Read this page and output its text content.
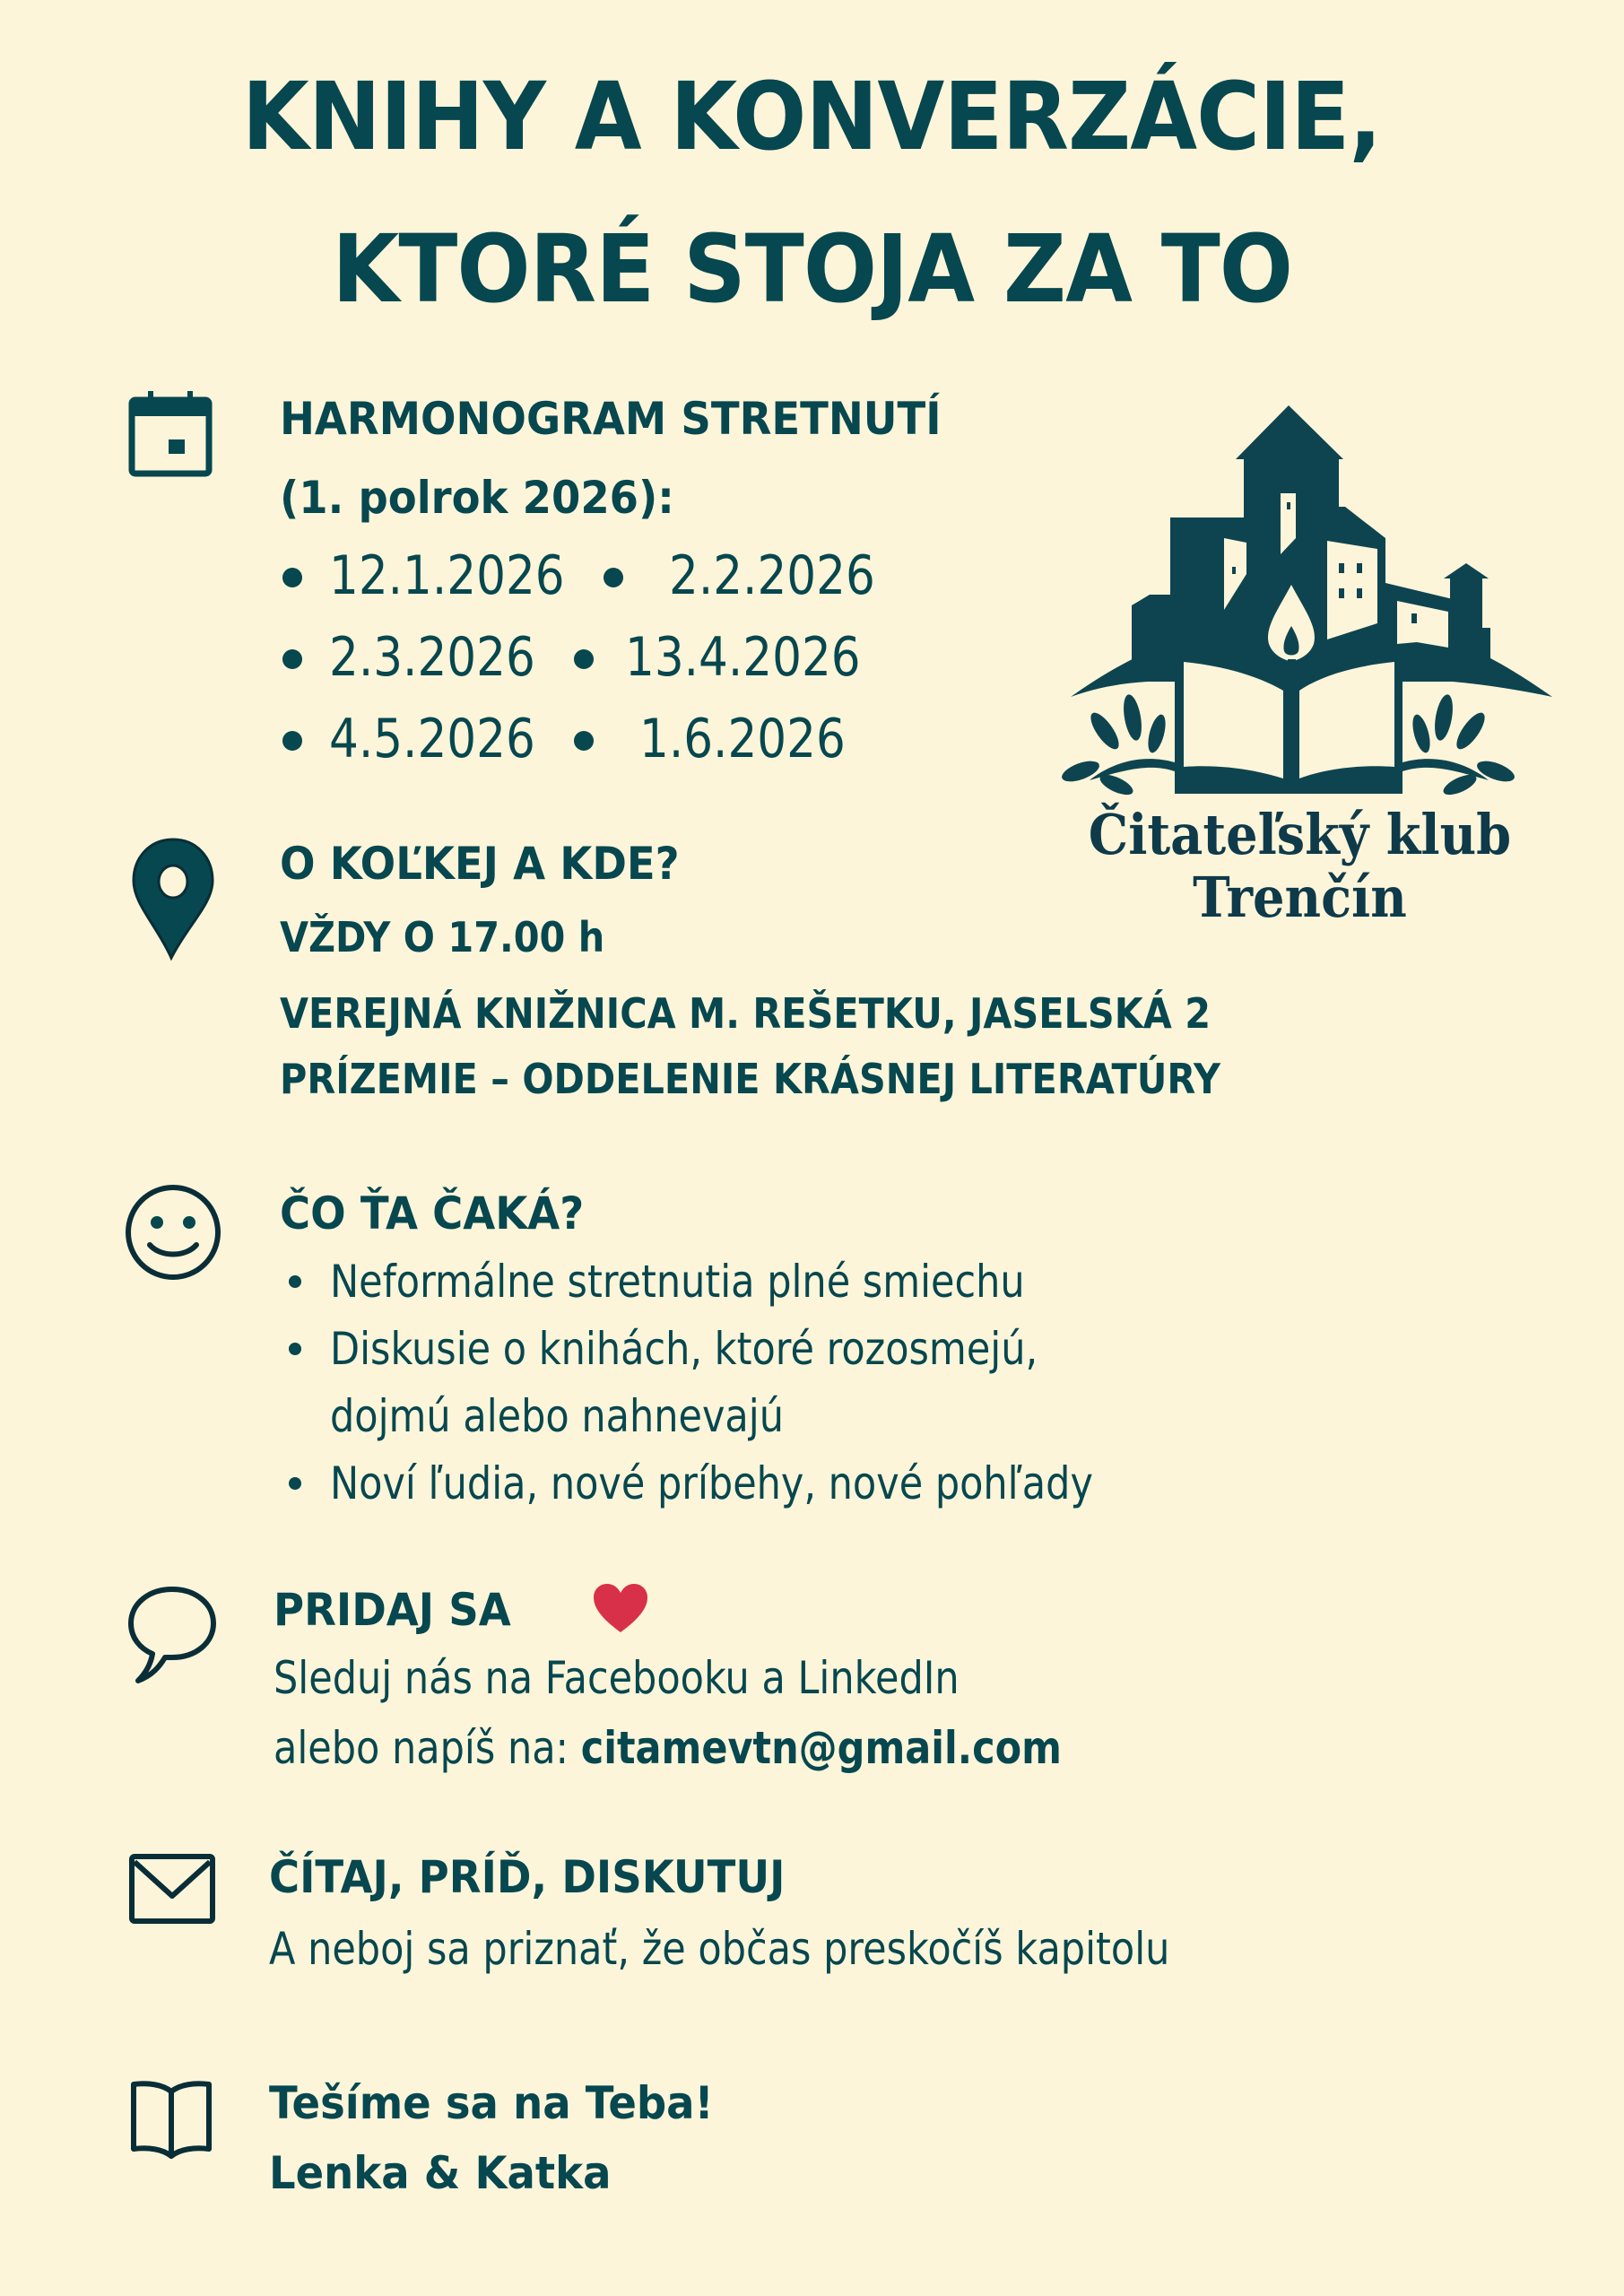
KNIHY A KONVERZÁCIE,
KTORÉ STOJA ZA TO
HARMONOGRAM STRETNUTÍ
(1. polrok 2026):
12.1.2026 2.2.2026
2.3.2026 13.4.2026
4.5.2026 1.6.2026
Čitateľský klub
Trenčín
O KOĽKEJ A KDE?
VŽDY O 17.00 h
VEREJNÁ KNIŽNICA M. REŠETKU, JASELSKÁ 2
PRÍZEMIE – ODDELENIE KRÁSNEJ LITERATÚRY
ČO ŤA ČAKÁ?
Neformálne stretnutia plné smiechu
Diskusie o knihách, ktoré rozosmejú,
dojmú alebo nahnevajú
Noví ľudia, nové príbehy, nové pohľady
PRIDAJ SA
Sleduj nás na Facebooku a LinkedIn
alebo napíš na: citamevtn@gmail.com
ČÍTAJ, PRÍĎ, DISKUTUJ
A neboj sa priznať, že občas preskočíš kapitolu
Tešíme sa na Teba!
Lenka & Katka
